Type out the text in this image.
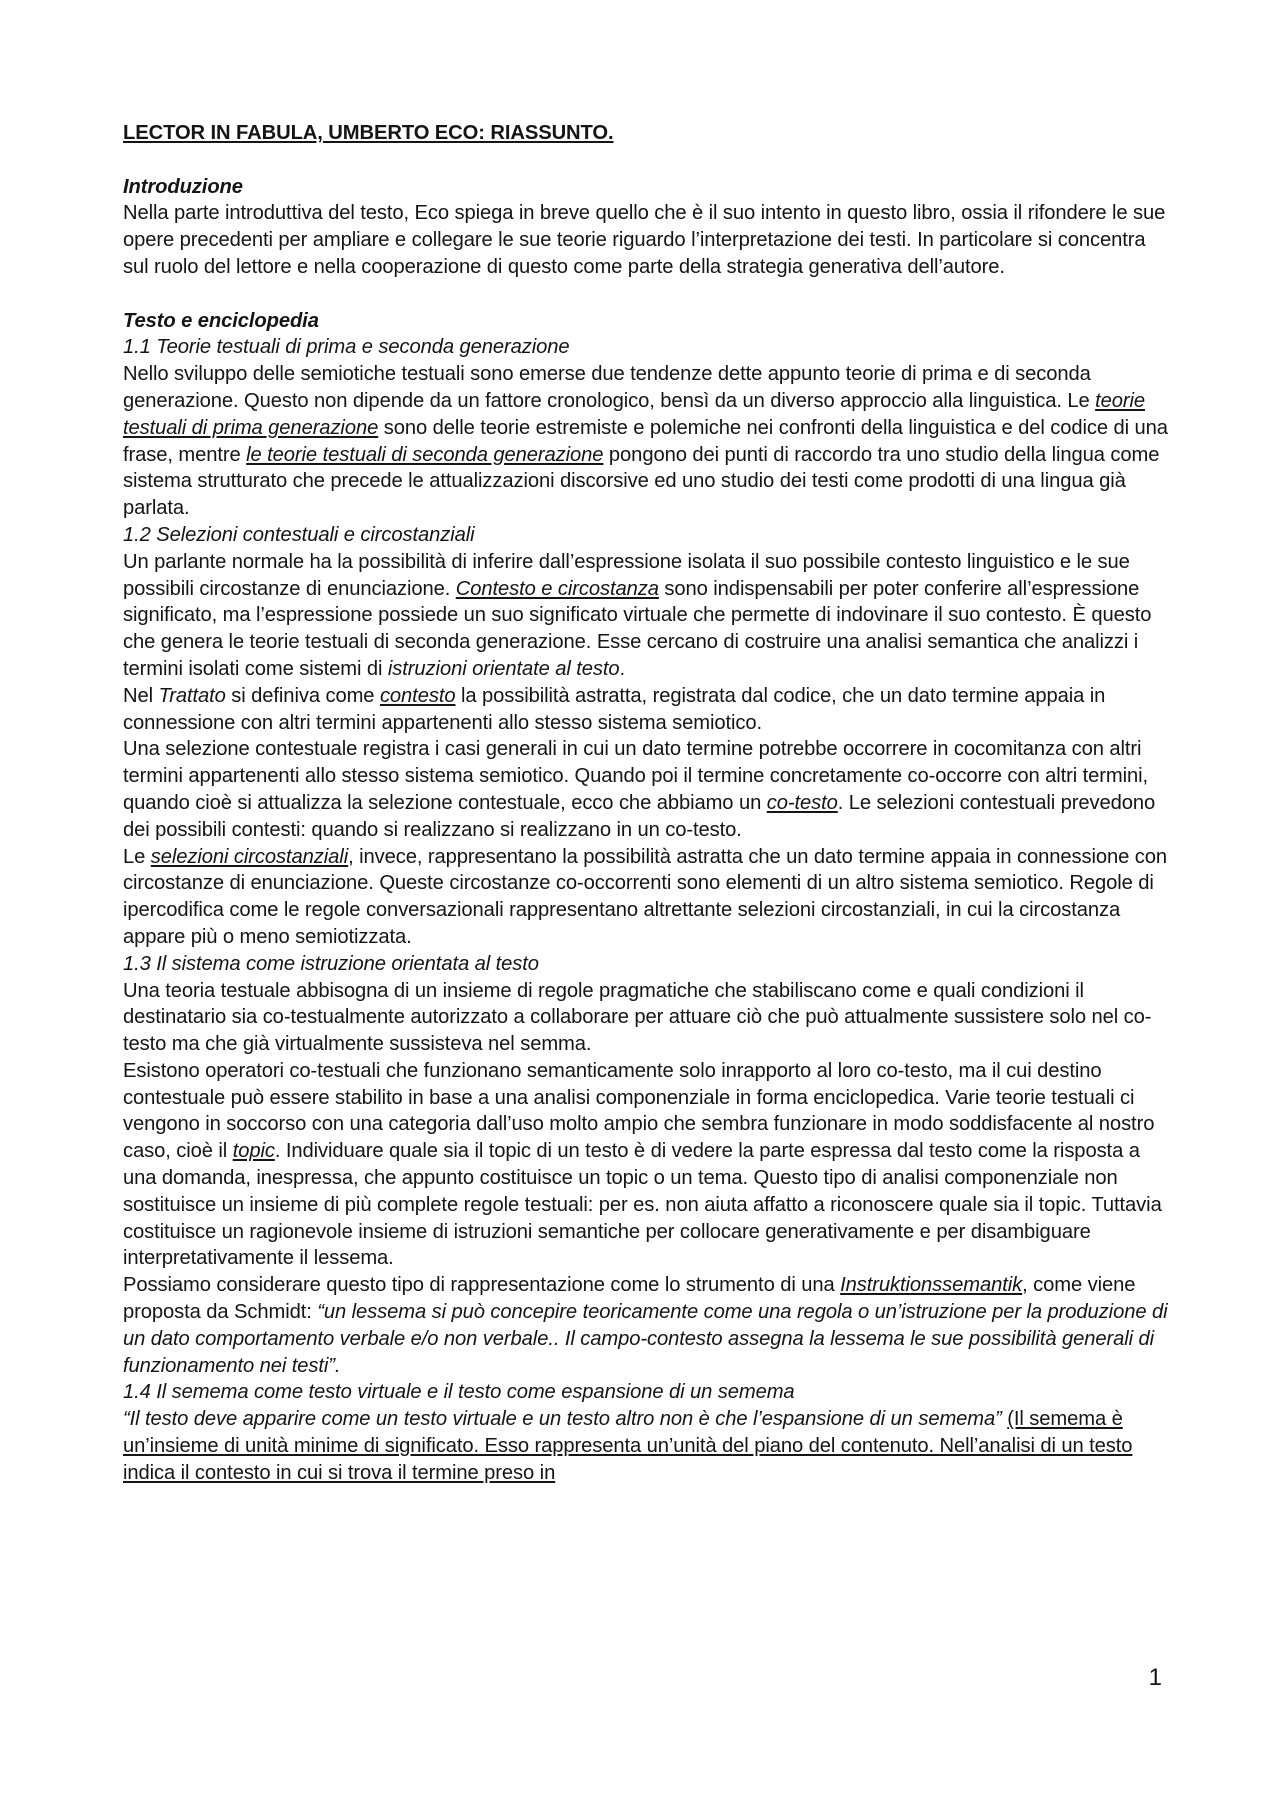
LECTOR IN FABULA, UMBERTO ECO: RIASSUNTO.

Introduzione

Nella parte introduttiva del testo, Eco spiega in breve quello che è il suo intento in questo libro, ossia il rifondere le sue opere precedenti per ampliare e collegare le sue teorie riguardo l’interpretazione dei testi. In particolare si concentra sul ruolo del lettore e nella cooperazione di questo come parte della strategia generativa dell’autore.

Testo e enciclopedia

1.1 Teorie testuali di prima e seconda generazione

Nello sviluppo delle semiotiche testuali sono emerse due tendenze dette appunto teorie di prima e di seconda generazione. Questo non dipende da un fattore cronologico, bensì da un diverso approccio alla linguistica. Le teorie testuali di prima generazione sono delle teorie estremiste e polemiche nei confronti della linguistica e del codice di una frase, mentre le teorie testuali di seconda generazione pongono dei punti di raccordo tra uno studio della lingua come sistema strutturato che precede le attualizzazioni discorsive ed uno studio dei testi come prodotti di una lingua già parlata.

1.2 Selezioni contestuali e circostanziali

Un parlante normale ha la possibilità di inferire dall’espressione isolata il suo possibile contesto linguistico e le sue possibili circostanze di enunciazione. Contesto e circostanza sono indispensabili per poter conferire all’espressione significato, ma l’espressione possiede un suo significato virtuale che permette di indovinare il suo contesto. È questo che genera le teorie testuali di seconda generazione. Esse cercano di costruire una analisi semantica che analizzi i termini isolati come sistemi di istruzioni orientate al testo.

Nel Trattato si definiva come contesto la possibilità astratta, registrata dal codice, che un dato termine appaia in connessione con altri termini appartenenti allo stesso sistema semiotico.

Una selezione contestuale registra i casi generali in cui un dato termine potrebbe occorrere in cocomitanza con altri termini appartenenti allo stesso sistema semiotico. Quando poi il termine concretamente co-occorre con altri termini, quando cioè si attualizza la selezione contestuale, ecco che abbiamo un co-testo. Le selezioni contestuali prevedono dei possibili contesti: quando si realizzano si realizzano in un co-testo.

Le selezioni circostanziali, invece, rappresentano la possibilità astratta che un dato termine appaia in connessione con circostanze di enunciazione. Queste circostanze co-occorrenti sono elementi di un altro sistema semiotico. Regole di ipercodifica come le regole conversazionali rappresentano altrettante selezioni circostanziali, in cui la circostanza appare più o meno semiotizzata.

1.3 Il sistema come istruzione orientata al testo

Una teoria testuale abbisogna di un insieme di regole pragmatiche che stabiliscano come e quali condizioni il destinatario sia co-testualmente autorizzato a collaborare per attuare ciò che può attualmente sussistere solo nel co-testo ma che già virtualmente sussisteva nel semma.

Esistono operatori co-testuali che funzionano semanticamente solo inrapporto al loro co-testo, ma il cui destino contestuale può essere stabilito in base a una analisi componenziale in forma enciclopedica. Varie teorie testuali ci vengono in soccorso con una categoria dall’uso molto ampio che sembra funzionare in modo soddisfacente al nostro caso, cioè il topic. Individuare quale sia il topic di un testo è di vedere la parte espressa dal testo come la risposta a una domanda, inespressa, che appunto costituisce un topic o un tema. Questo tipo di analisi componenziale non sostituisce un insieme di più complete regole testuali: per es. non aiuta affatto a riconoscere quale sia il topic. Tuttavia costituisce un ragionevole insieme di istruzioni semantiche per collocare generativamente e per disambiguare interpretativamente il lessema.

Possiamo considerare questo tipo di rappresentazione come lo strumento di una Instruktionssemantik, come viene proposta da Schmidt: “un lessema si può concepire teoricamente come una regola o un’istruzione per la produzione di un dato comportamento verbale e/o non verbale.. Il campo-contesto assegna la lessema le sue possibilità generali di funzionamento nei testi”.

1.4 Il semema come testo virtuale e il testo come espansione di un semema

“Il testo deve apparire come un testo virtuale e un testo altro non è che l’espansione di un semema” (Il semema è un’insieme di unità minime di significato. Esso rappresenta un’unità del piano del contenuto. Nell’analisi di un testo indica il contesto in cui si trova il termine preso in

1
